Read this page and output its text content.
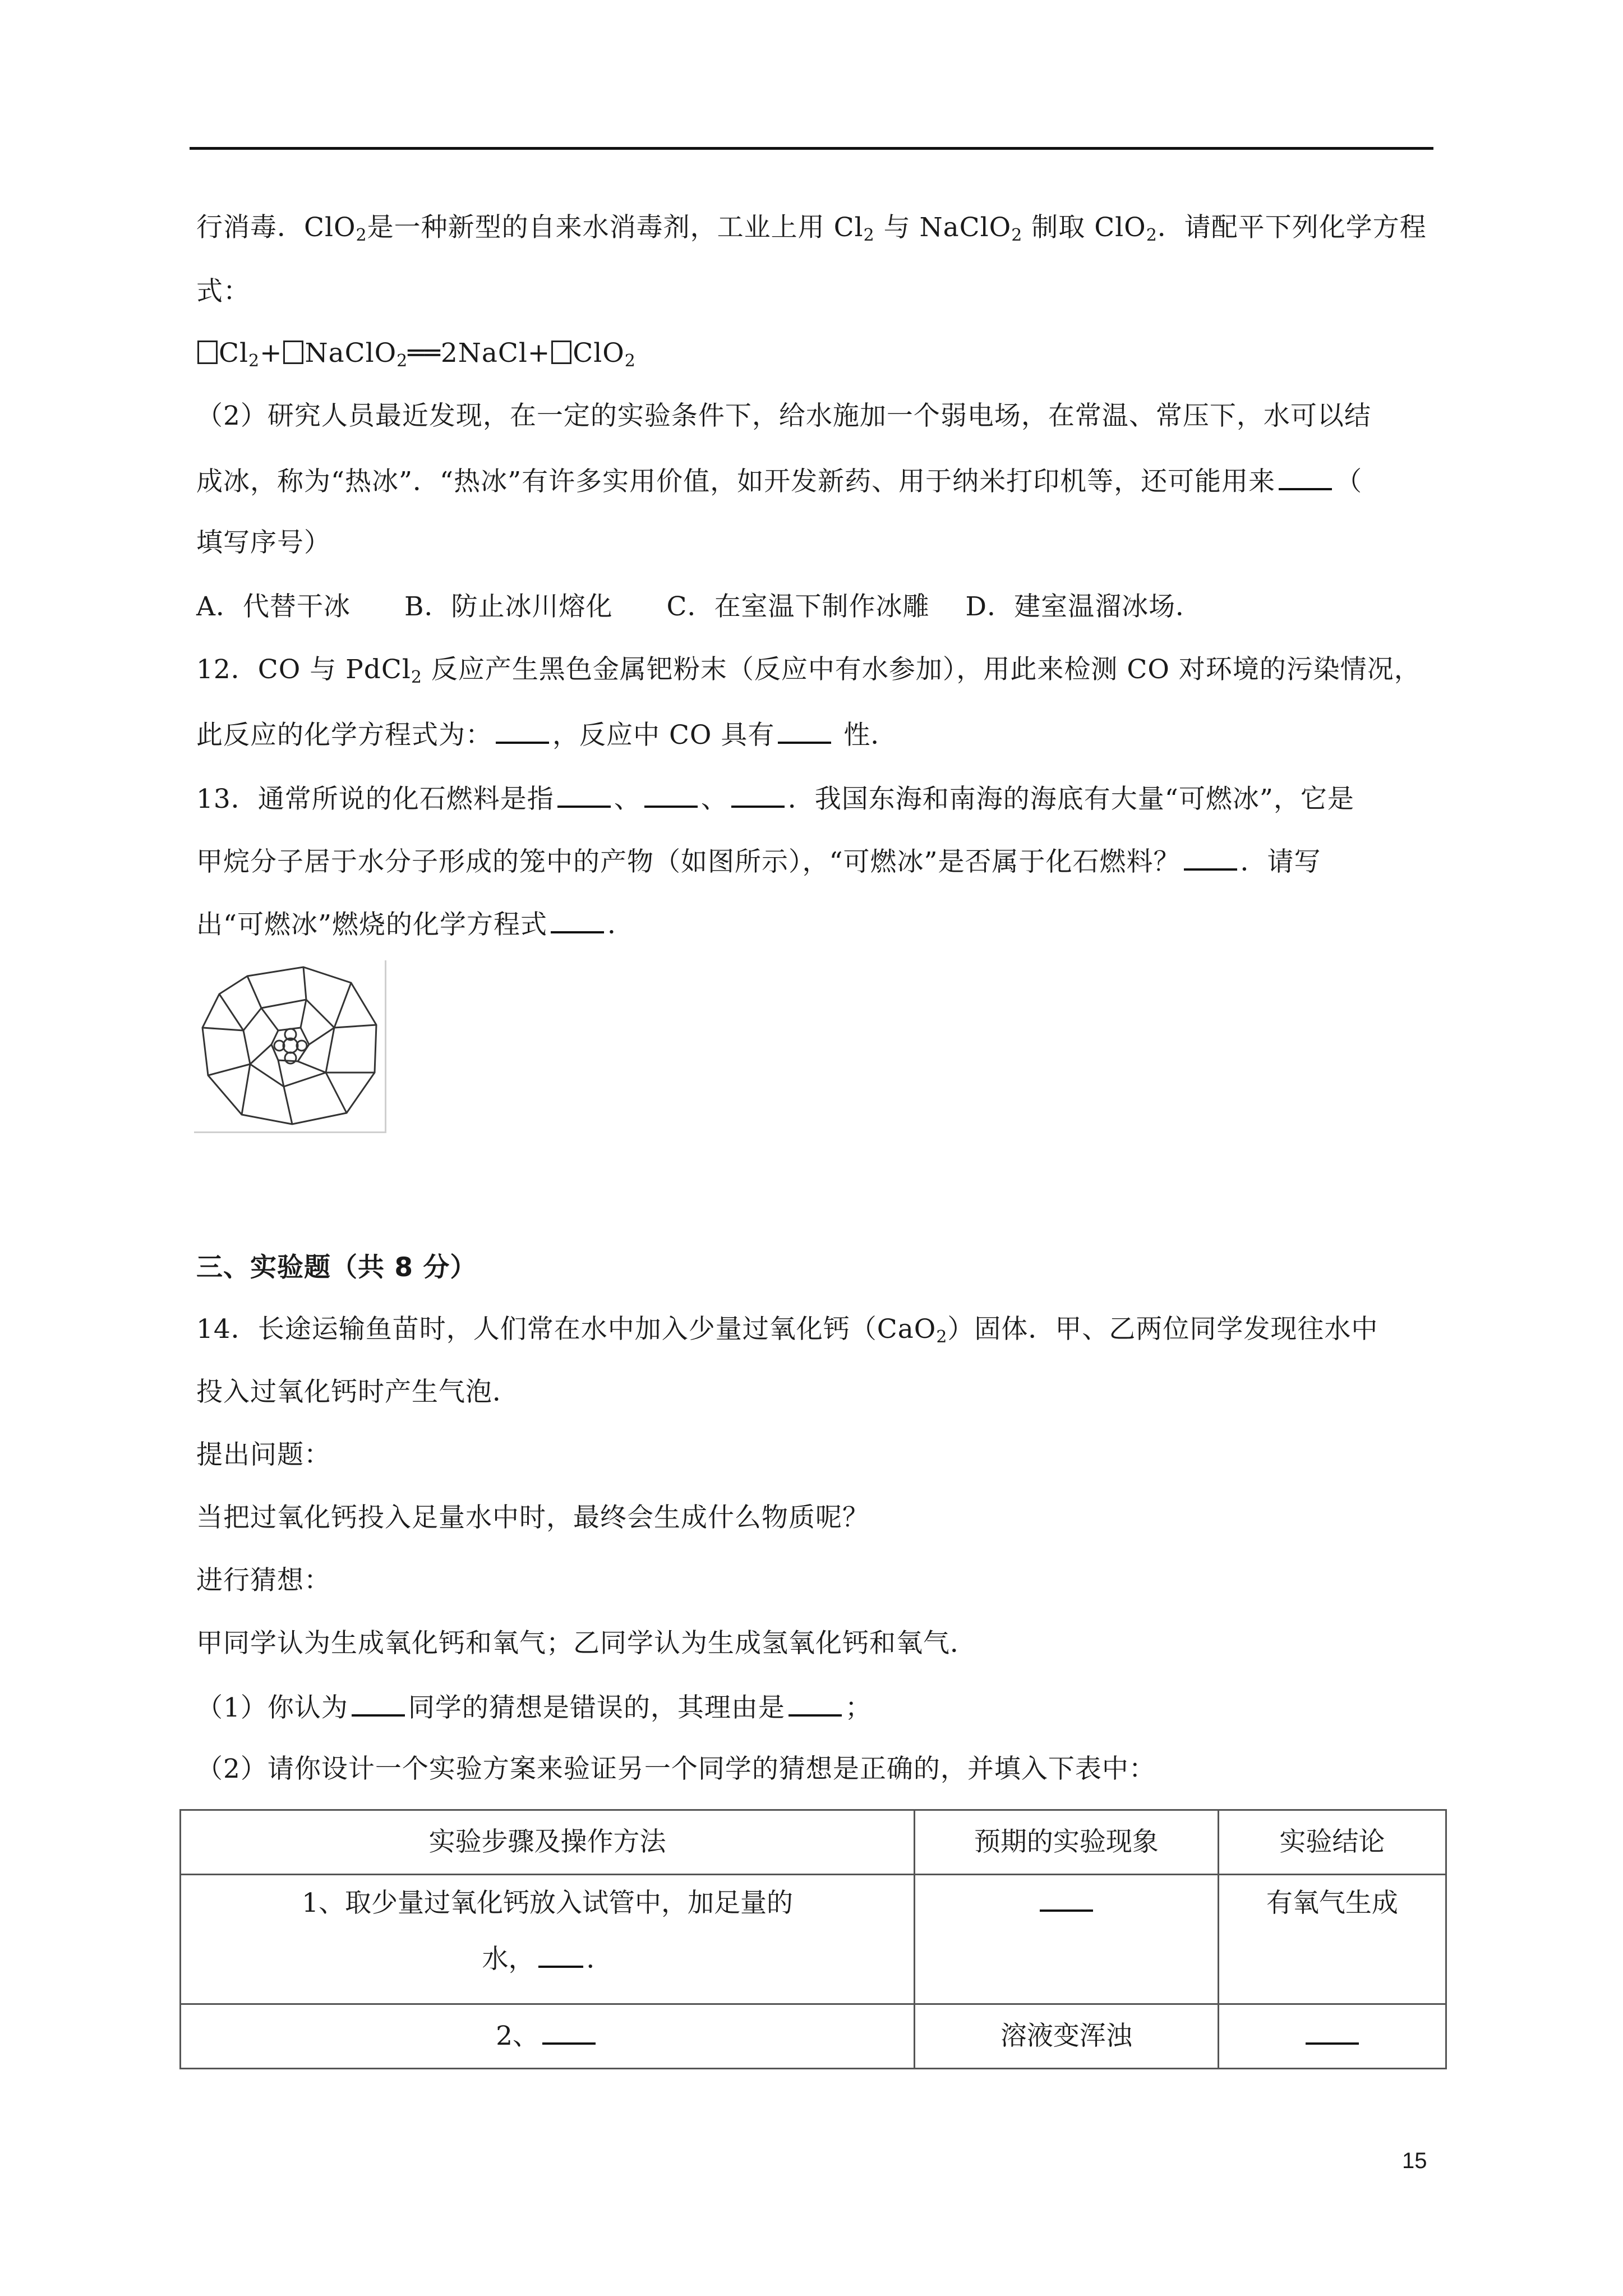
行消毒．ClO$_2$是一种新型的自来水消毒剂，工业上用 $Cl_2$ 与 NaClO$_2$ 制取 ClO$_2$．请配平下列化学方程
式：
$Cl_2+$ NaClO$_2$══2NaCl+ ClO$_2$
（2）研究人员最近发现，在一定的实验条件下，给水施加一个弱电场，在常温、常压下，水可以结
成冰，称为“热冰”．“热冰”有许多实用价值，如开发新药、用于纳米打印机等，还可能用来 （
填写序号）
A．代替干冰　　B．防止冰川熔化　　C．在室温下制作冰雕　 D．建室温溜冰场．
12．CO 与 PdCl$_2$ 反应产生黑色金属钯粉末（反应中有水参加），用此来检测 CO 对环境的污染情况，
此反应的化学方程式为： ，反应中 CO 具有 性．
13．通常所说的化石燃料是指 、 、 ．我国东海和南海的海底有大量“可燃冰”，它是
甲烷分子居于水分子形成的笼中的产物（如图所示），“可燃冰”是否属于化石燃料？ ．请写
出“可燃冰”燃烧的化学方程式 ．
三、实验题（共 8 分）
14．长途运输鱼苗时，人们常在水中加入少量过氧化钙（CaO$_2$）固体．甲、乙两位同学发现往水中
投入过氧化钙时产生气泡．
提出问题：
当把过氧化钙投入足量水中时，最终会生成什么物质呢？
进行猜想：
甲同学认为生成氧化钙和氧气；乙同学认为生成氢氧化钙和氧气．
（1）你认为 同学的猜想是错误的，其理由是 ；
（2）请你设计一个实验方案来验证另一个同学的猜想是正确的，并填入下表中：
实验步骤及操作方法	预期的实验现象	实验结论

1、取少量过氧化钙放入试管中，加足量的
水， ．		有氧气生成
2、	溶液变浑浊	
15
